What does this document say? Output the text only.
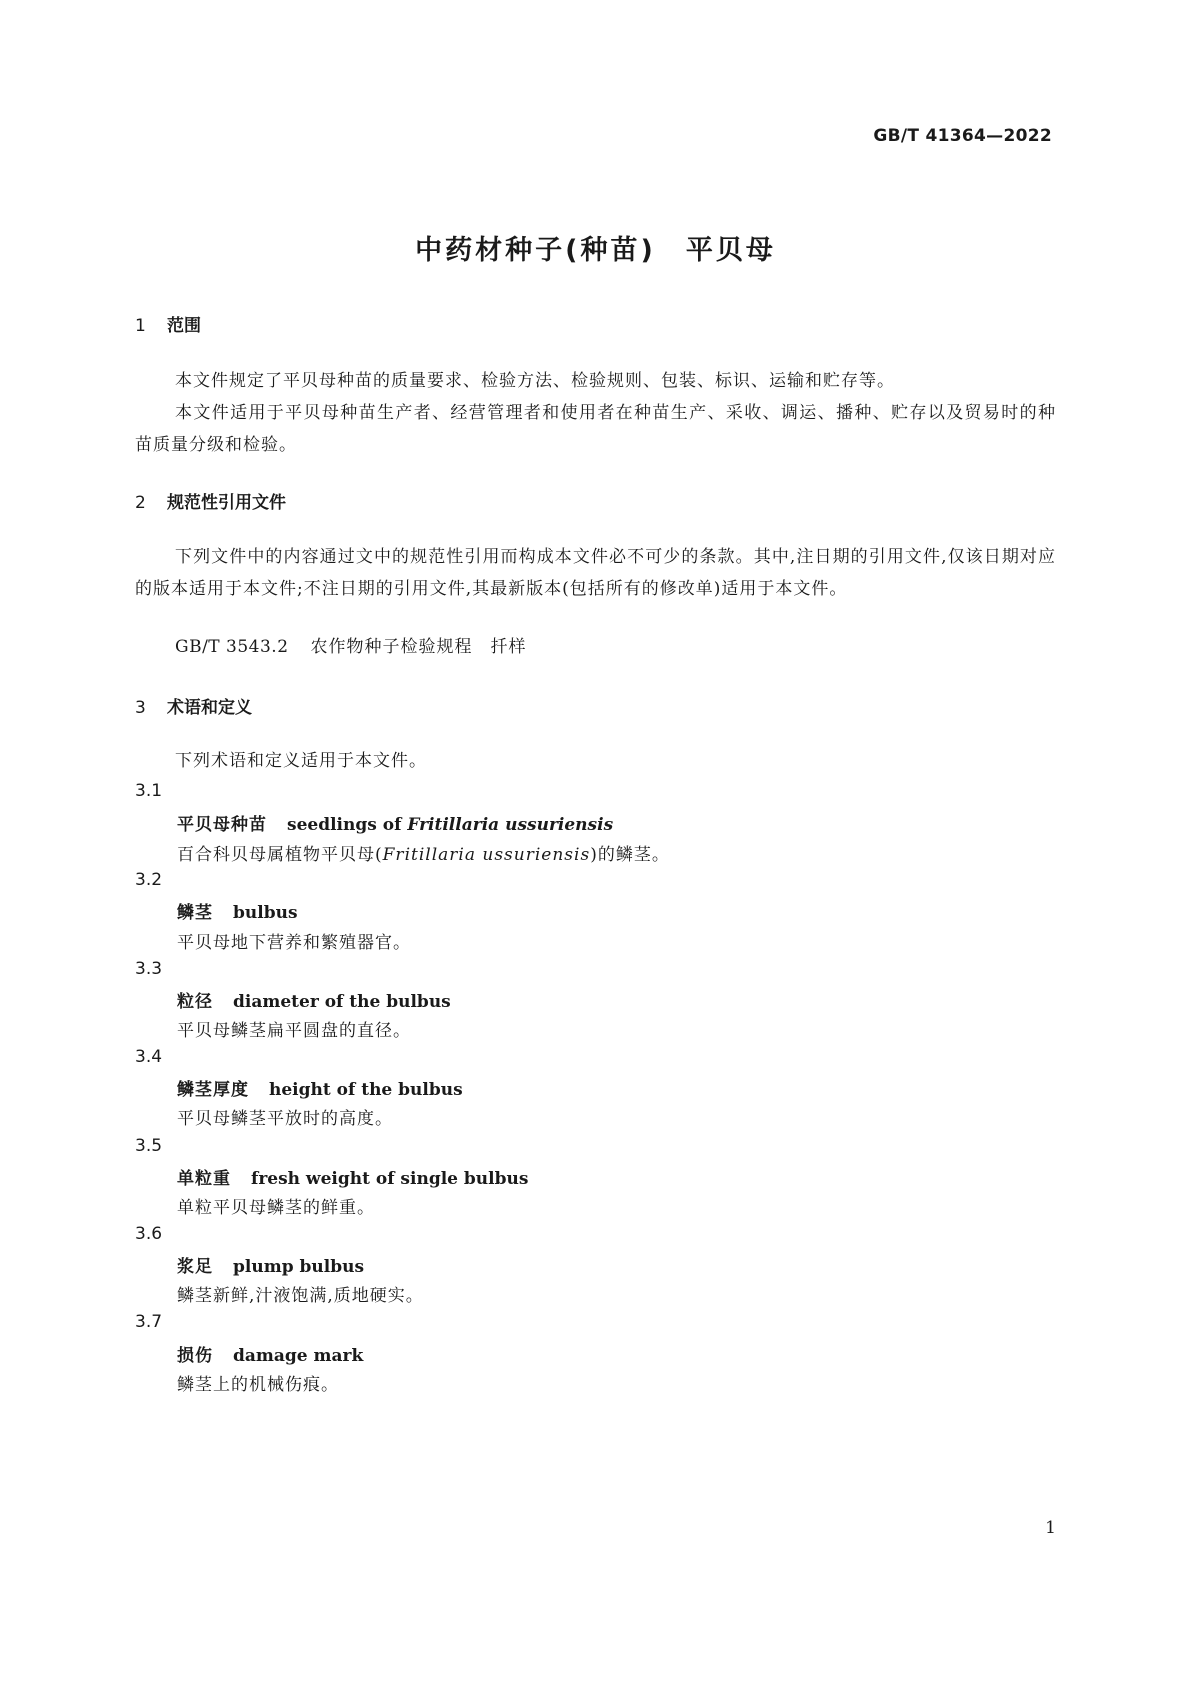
GB/T 41364—2022
中药材种子(种苗)　平贝母
1 范围
本文件规定了平贝母种苗的质量要求、检验方法、检验规则、包装、标识、运输和贮存等。
本文件适用于平贝母种苗生产者、经营管理者和使用者在种苗生产、采收、调运、播种、贮存以及贸易时的种苗质量分级和检验。
2 规范性引用文件
下列文件中的内容通过文中的规范性引用而构成本文件必不可少的条款。其中,注日期的引用文件,仅该日期对应的版本适用于本文件;不注日期的引用文件,其最新版本(包括所有的修改单)适用于本文件。
GB/T 3543.2 农作物种子检验规程　扦样
3 术语和定义
下列术语和定义适用于本文件。
3.1
平贝母种苗 seedlings of Fritillaria ussuriensis
百合科贝母属植物平贝母(Fritillaria ussuriensis)的鳞茎。
3.2
鳞茎 bulbus
平贝母地下营养和繁殖器官。
3.3
粒径 diameter of the bulbus
平贝母鳞茎扁平圆盘的直径。
3.4
鳞茎厚度 height of the bulbus
平贝母鳞茎平放时的高度。
3.5
单粒重 fresh weight of single bulbus
单粒平贝母鳞茎的鲜重。
3.6
浆足 plump bulbus
鳞茎新鲜,汁液饱满,质地硬实。
3.7
损伤 damage mark
鳞茎上的机械伤痕。
1
